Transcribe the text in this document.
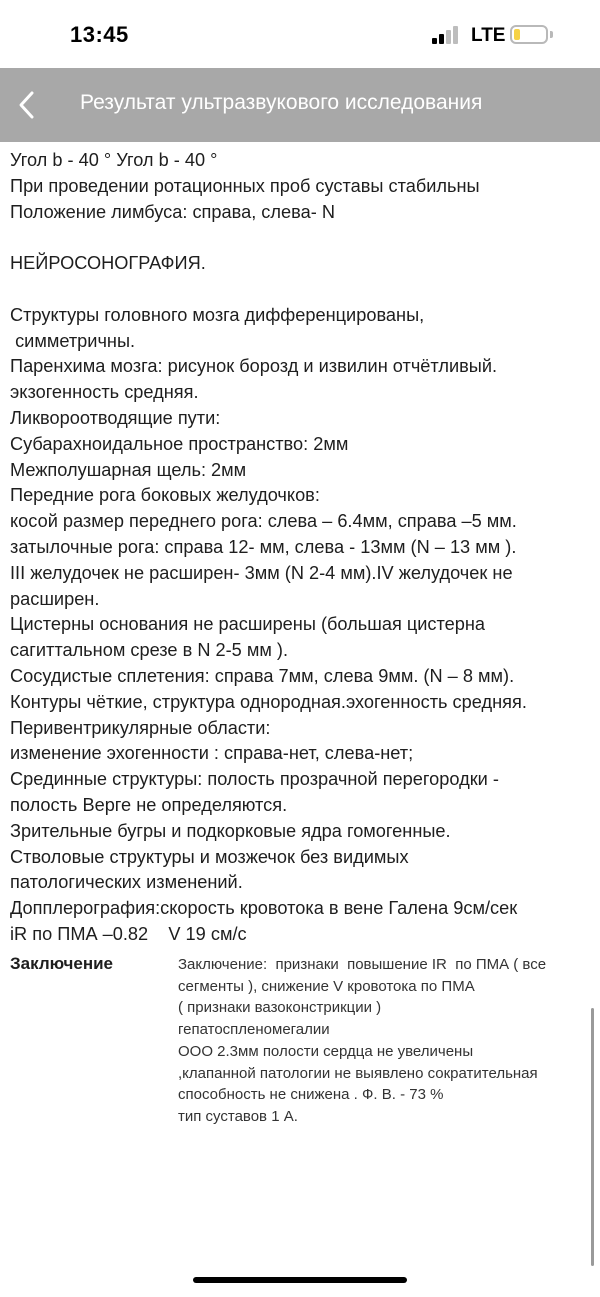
13:45	LTE
Результат ультразвукового исследования
Угол b - 40 ° Угол b - 40 °
При проведении ротационных проб суставы стабильны
Положение лимбуса: справа, слева- N

НЕЙРОСОНОГРАФИЯ.

Структуры головного мозга дифференцированы,
симметричны.
Паренхима мозга: рисунок борозд и извилин отчётливый.
экзогенность средняя.
Ликвороотводящие пути:
Субарахноидальное пространство: 2мм
Межполушарная щель: 2мм
Передние рога боковых желудочков:
косой размер переднего рога: слева – 6.4мм, справа –5 мм.
затылочные рога: справа 12- мм, слева - 13мм (N – 13 мм ).
III желудочек не расширен- 3мм (N 2-4 мм).IV желудочек не
расширен.
Цистерны основания не расширены (большая цистерна
сагиттальном срезе в N 2-5 мм ).
Сосудистые сплетения: справа 7мм, слева 9мм. (N – 8 мм).
Контуры чёткие, структура однородная.эхогенность средняя.
Перивентрикулярные области:
изменение эхогенности : справа-нет, слева-нет;
Срединные структуры: полость прозрачной перегородки -
полость Верге не определяются.
Зрительные бугры и подкорковые ядра гомогенные.
Стволовые структуры и мозжечок без видимых
патологических изменений.
Допплерография:скорость кровотока в вене Галена 9см/сек
iR по ПМА –0.82    V 19 см/с
Заключение	Заключение:  признаки  повышение IR  по ПМА ( все
сегменты ), снижение V кровотока по ПМА
( признаки вазоконстрикции )
гепатоспленомегалии
ООО 2.3мм полости сердца не увеличены
,клапанной патологии не выявлено сократительная
способность не снижена . Ф. В. - 73 %
тип суставов 1 А.
